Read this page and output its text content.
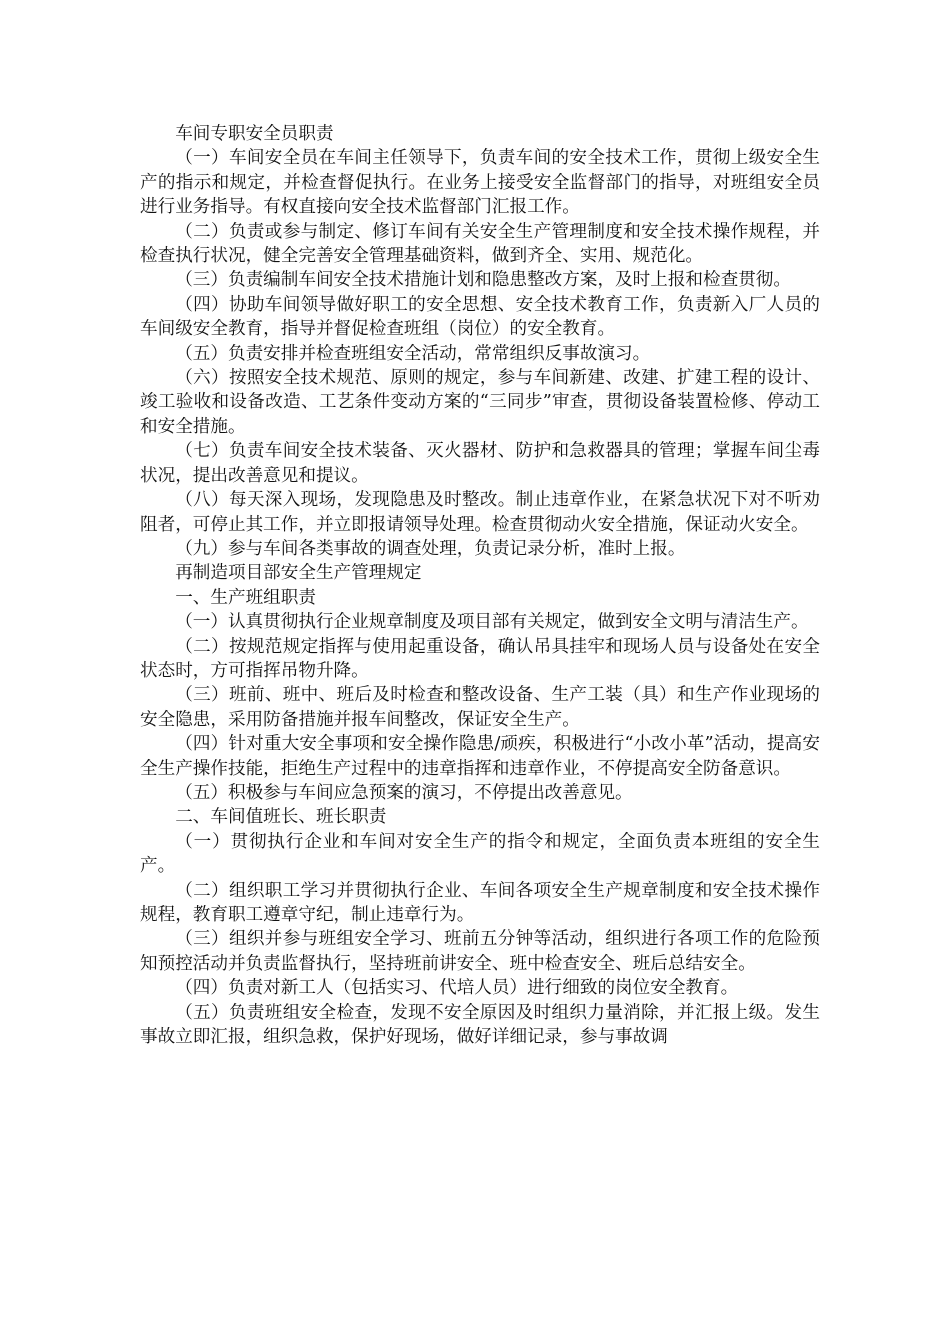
车间专职安全员职责

（一）车间安全员在车间主任领导下，负责车间的安全技术工作，贯彻上级安全生产的指示和规定，并检查督促执行。在业务上接受安全监督部门的指导，对班组安全员进行业务指导。有权直接向安全技术监督部门汇报工作。

（二）负责或参与制定、修订车间有关安全生产管理制度和安全技术操作规程，并检查执行状况，健全完善安全管理基础资料，做到齐全、实用、规范化。

（三）负责编制车间安全技术措施计划和隐患整改方案，及时上报和检查贯彻。

（四）协助车间领导做好职工的安全思想、安全技术教育工作，负责新入厂人员的车间级安全教育，指导并督促检查班组（岗位）的安全教育。

（五）负责安排并检查班组安全活动，常常组织反事故演习。

（六）按照安全技术规范、原则的规定，参与车间新建、改建、扩建工程的设计、竣工验收和设备改造、工艺条件变动方案的“三同步”审查，贯彻设备装置检修、停动工和安全措施。

（七）负责车间安全技术装备、灭火器材、防护和急救器具的管理；掌握车间尘毒状况，提出改善意见和提议。

（八）每天深入现场，发现隐患及时整改。制止违章作业，在紧急状况下对不听劝阻者，可停止其工作，并立即报请领导处理。检查贯彻动火安全措施，保证动火安全。

（九）参与车间各类事故的调查处理，负责记录分析，准时上报。

再制造项目部安全生产管理规定

一、生产班组职责

（一）认真贯彻执行企业规章制度及项目部有关规定，做到安全文明与清洁生产。

（二）按规范规定指挥与使用起重设备，确认吊具挂牢和现场人员与设备处在安全状态时，方可指挥吊物升降。

（三）班前、班中、班后及时检查和整改设备、生产工装（具）和生产作业现场的安全隐患，采用防备措施并报车间整改，保证安全生产。

（四）针对重大安全事项和安全操作隐患/顽疾，积极进行“小改小革”活动，提高安全生产操作技能，拒绝生产过程中的违章指挥和违章作业，不停提高安全防备意识。

（五）积极参与车间应急预案的演习，不停提出改善意见。

二、车间值班长、班长职责

（一）贯彻执行企业和车间对安全生产的指令和规定，全面负责本班组的安全生产。

（二）组织职工学习并贯彻执行企业、车间各项安全生产规章制度和安全技术操作规程，教育职工遵章守纪，制止违章行为。

（三）组织并参与班组安全学习、班前五分钟等活动，组织进行各项工作的危险预知预控活动并负责监督执行，坚持班前讲安全、班中检查安全、班后总结安全。

（四）负责对新工人（包括实习、代培人员）进行细致的岗位安全教育。

（五）负责班组安全检查，发现不安全原因及时组织力量消除，并汇报上级。发生事故立即汇报，组织急救，保护好现场，做好详细记录，参与事故调
